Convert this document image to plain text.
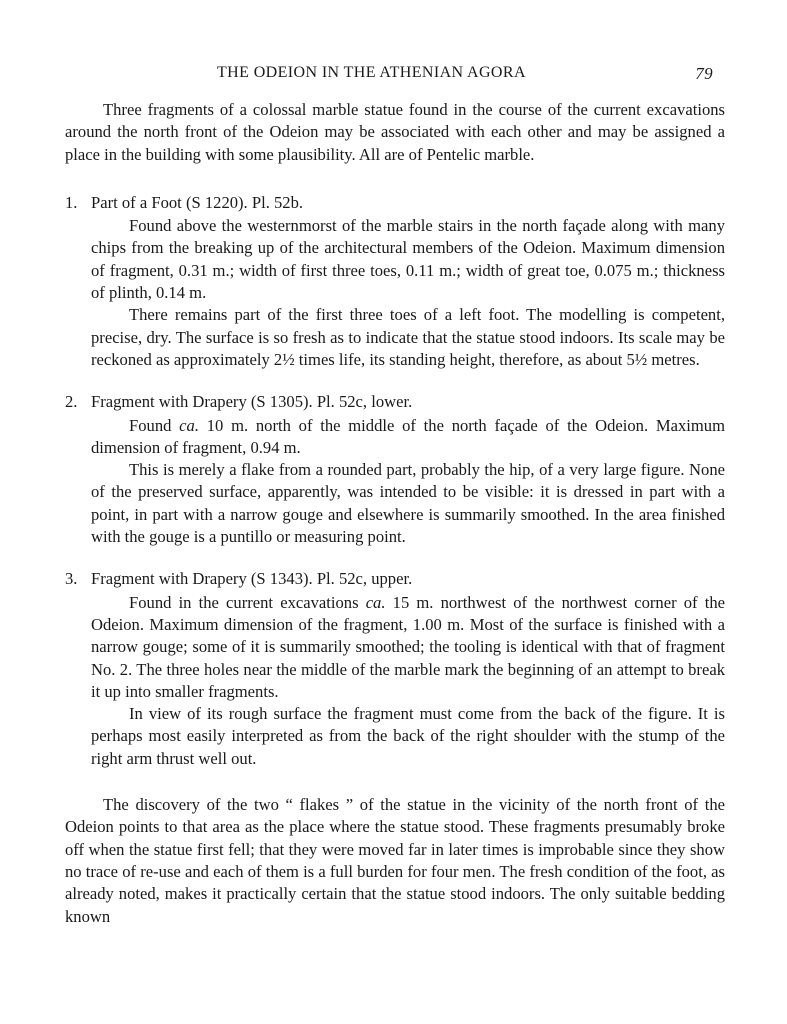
THE ODEION IN THE ATHENIAN AGORA	79

Three fragments of a colossal marble statue found in the course of the current excavations around the north front of the Odeion may be associated with each other and may be assigned a place in the building with some plausibility. All are of Pentelic marble.

1. Part of a Foot (S 1220). Pl. 52b.

Found above the westernmorst of the marble stairs in the north façade along with many chips from the breaking up of the architectural members of the Odeion. Maximum dimension of fragment, 0.31 m.; width of first three toes, 0.11 m.; width of great toe, 0.075 m.; thickness of plinth, 0.14 m.

There remains part of the first three toes of a left foot. The modelling is competent, precise, dry. The surface is so fresh as to indicate that the statue stood indoors. Its scale may be reckoned as approximately 2½ times life, its standing height, therefore, as about 5½ metres.

2. Fragment with Drapery (S 1305). Pl. 52c, lower.

Found ca. 10 m. north of the middle of the north façade of the Odeion. Maximum dimension of fragment, 0.94 m.

This is merely a flake from a rounded part, probably the hip, of a very large figure. None of the preserved surface, apparently, was intended to be visible: it is dressed in part with a point, in part with a narrow gouge and elsewhere is summarily smoothed. In the area finished with the gouge is a puntillo or measuring point.

3. Fragment with Drapery (S 1343). Pl. 52c, upper.

Found in the current excavations ca. 15 m. northwest of the northwest corner of the Odeion. Maximum dimension of the fragment, 1.00 m. Most of the surface is finished with a narrow gouge; some of it is summarily smoothed; the tooling is identical with that of fragment No. 2. The three holes near the middle of the marble mark the beginning of an attempt to break it up into smaller fragments.

In view of its rough surface the fragment must come from the back of the figure. It is perhaps most easily interpreted as from the back of the right shoulder with the stump of the right arm thrust well out.

The discovery of the two “ flakes ” of the statue in the vicinity of the north front of the Odeion points to that area as the place where the statue stood. These fragments presumably broke off when the statue first fell; that they were moved far in later times is improbable since they show no trace of re-use and each of them is a full burden for four men. The fresh condition of the foot, as already noted, makes it practically certain that the statue stood indoors. The only suitable bedding known
